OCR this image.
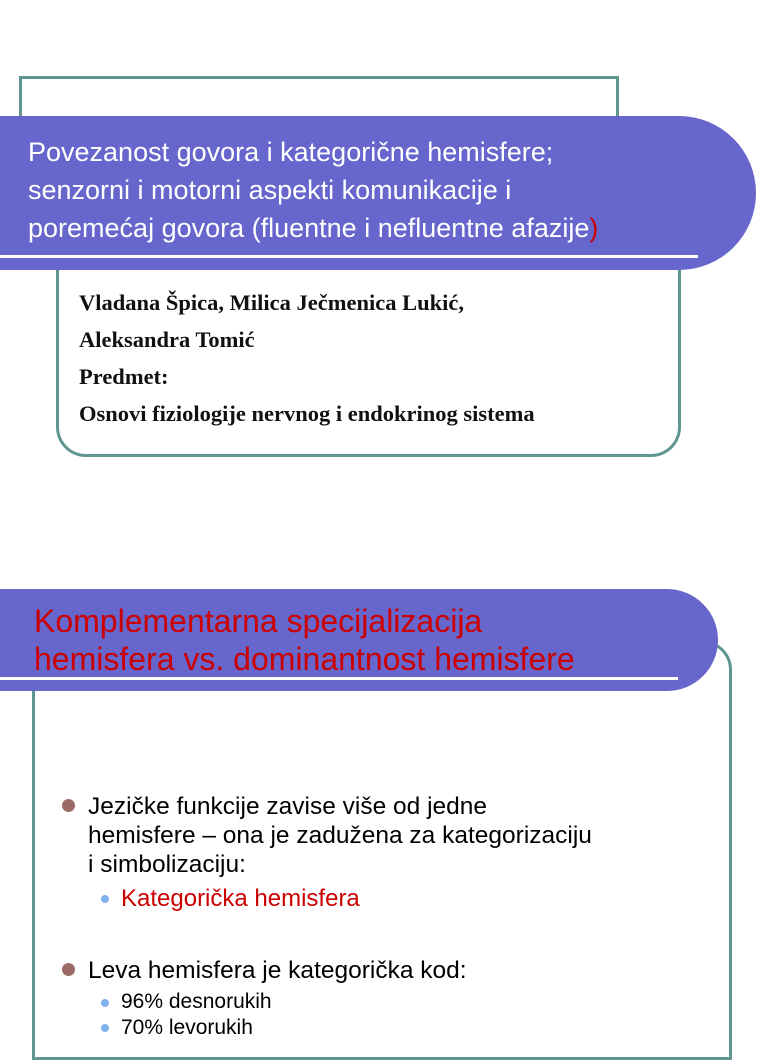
Povezanost govora i kategorične hemisfere;
senzorni i motorni aspekti komunikacije i
poremećaj govora (fluentne i nefluentne afazije)
Vladana Špica, Milica Ječmenica Lukić,
Aleksandra Tomić
Predmet:
Osnovi fiziologije nervnog i endokrinog sistema
Komplementarna specijalizacija
hemisfera vs. dominantnost hemisfere
Jezičke funkcije zavise više od jedne
hemisfere – ona je zadužena za kategorizaciju
i simbolizaciju:
Kategorička hemisfera
Leva hemisfera je kategorička kod:
96% desnorukih
70% levorukih
